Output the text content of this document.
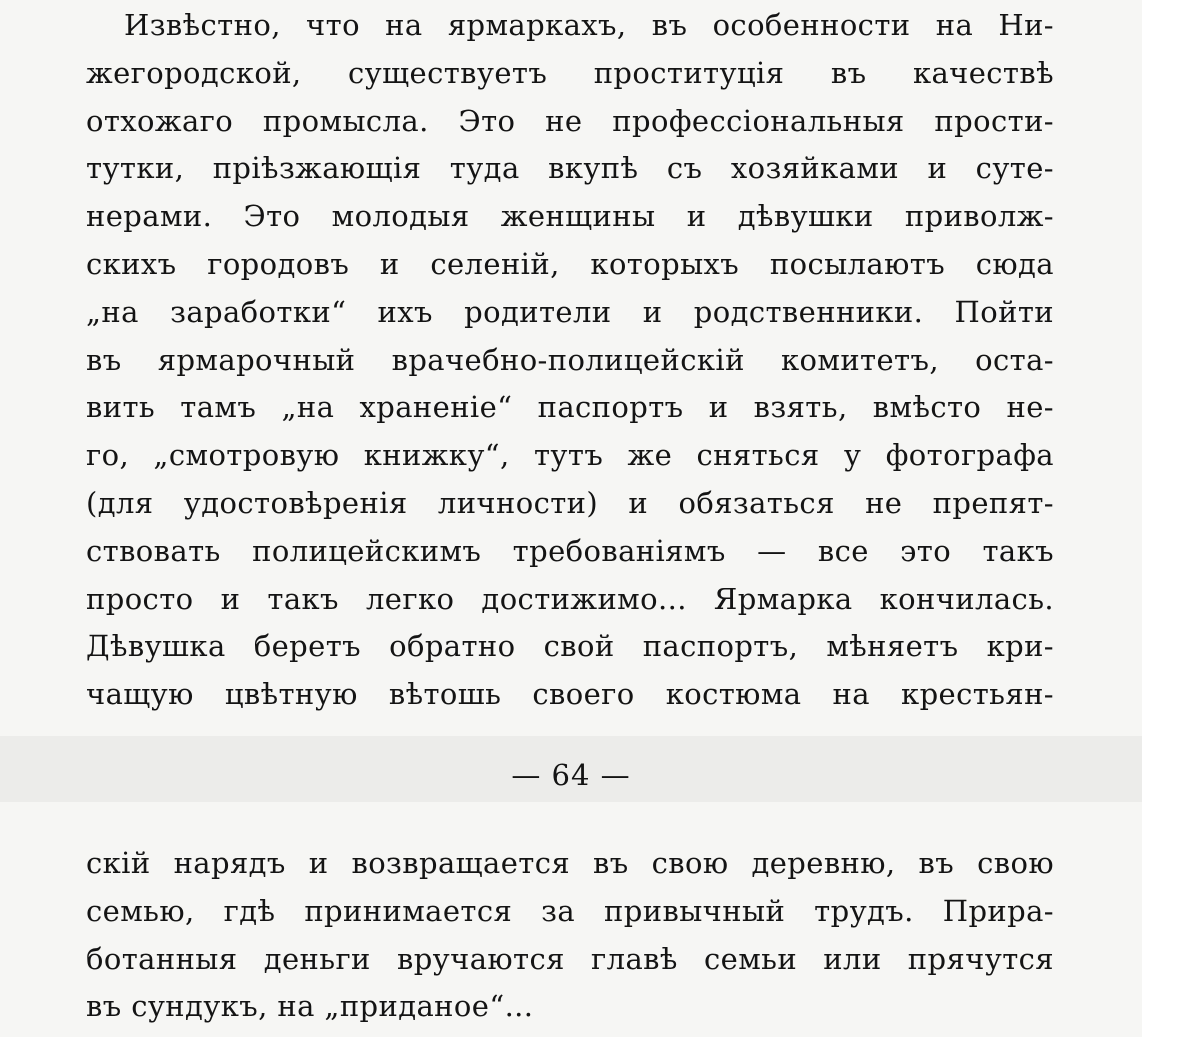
Извѣстно, что на ярмаркахъ, въ особенности на Ни-
жегородской, существуетъ проституція въ качествѣ
отхожаго промысла. Это не профессіональныя прости-
тутки, пріѣзжающія туда вкупѣ съ хозяйками и суте-
нерами. Это молодыя женщины и дѣвушки приволж-
скихъ городовъ и селеній, которыхъ посылаютъ сюда
„на заработки“ ихъ родители и родственники. Пойти
въ ярмарочный врачебно-полицейскій комитетъ, оста-
вить тамъ „на храненіе“ паспортъ и взять, вмѣсто не-
го, „смотровую книжку“, тутъ же сняться у фотографа
(для удостовѣренія личности) и обязаться не препят-
ствовать полицейскимъ требованіямъ — все это такъ
просто и такъ легко достижимо... Ярмарка кончилась.
Дѣвушка беретъ обратно свой паспортъ, мѣняетъ кри-
чащую цвѣтную вѣтошь своего костюма на крестьян-
— 64 —
скій нарядъ и возвращается въ свою деревню, въ свою
семью, гдѣ принимается за привычный трудъ. Прира-
ботанныя деньги вручаются главѣ семьи или прячутся
въ сундукъ, на „приданое“...
